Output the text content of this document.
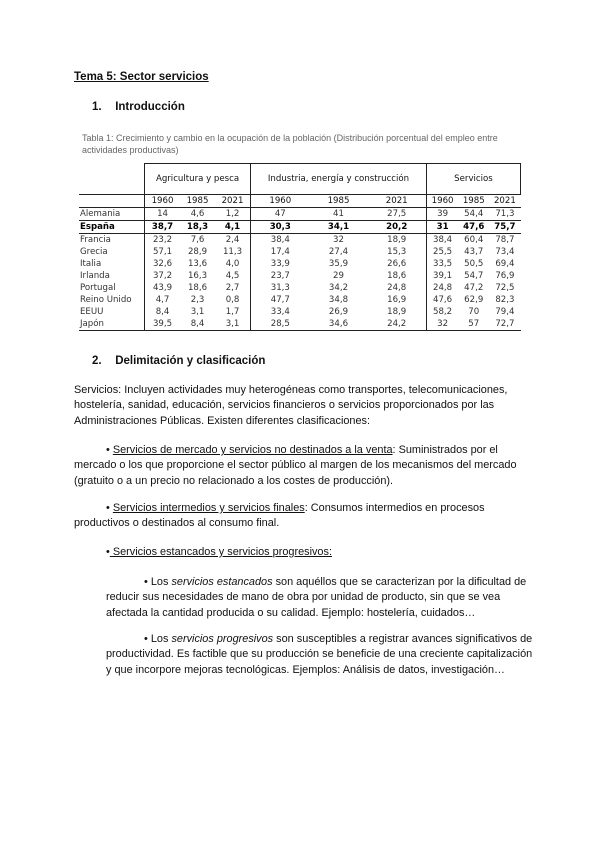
Tema 5: Sector servicios
1. Introducción
Tabla 1: Crecimiento y cambio en la ocupación de la población (Distribución porcentual del empleo entre actividades productivas)
	Agricultura y pesca			Industria, energía y construcción			Servicios		
	1960	1985	2021	1960	1985	2021	1960	1985	2021
Alemania	14	4,6	1,2	47	41	27,5	39	54,4	71,3
España	38,7	18,3	4,1	30,3	34,1	20,2	31	47,6	75,7
Francia	23,2	7,6	2,4	38,4	32	18,9	38,4	60,4	78,7
Grecia	57,1	28,9	11,3	17,4	27,4	15,3	25,5	43,7	73,4
Italia	32,6	13,6	4,0	33,9	35,9	26,6	33,5	50,5	69,4
Irlanda	37,2	16,3	4,5	23,7	29	18,6	39,1	54,7	76,9
Portugal	43,9	18,6	2,7	31,3	34,2	24,8	24,8	47,2	72,5
Reino Unido	4,7	2,3	0,8	47,7	34,8	16,9	47,6	62,9	82,3
EEUU	8,4	3,1	1,7	33,4	26,9	18,9	58,2	70	79,4
Japón	39,5	8,4	3,1	28,5	34,6	24,2	32	57	72,7
2. Delimitación y clasificación
Servicios: Incluyen actividades muy heterogéneas como transportes, telecomunicaciones, hostelería, sanidad, educación, servicios financieros o servicios proporcionados por las Administraciones Públicas. Existen diferentes clasificaciones:
• Servicios de mercado y servicios no destinados a la venta: Suministrados por el mercado o los que proporcione el sector público al margen de los mecanismos del mercado (gratuito o a un precio no relacionado a los costes de producción).
• Servicios intermedios y servicios finales: Consumos intermedios en procesos productivos o destinados al consumo final.
• Servicios estancados y servicios progresivos:
• Los servicios estancados son aquéllos que se caracterizan por la dificultad de reducir sus necesidades de mano de obra por unidad de producto, sin que se vea afectada la cantidad producida o su calidad. Ejemplo: hostelería, cuidados…
• Los servicios progresivos son susceptibles a registrar avances significativos de productividad. Es factible que su producción se beneficie de una creciente capitalización y que incorpore mejoras tecnológicas. Ejemplos: Análisis de datos, investigación…
